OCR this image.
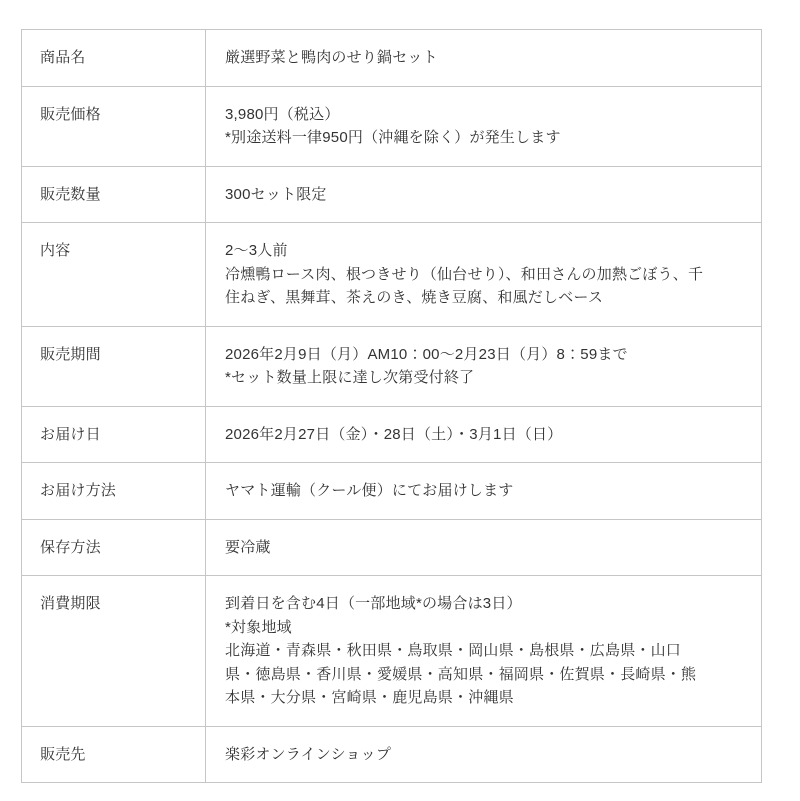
商品名	厳選野菜と鴨肉のせり鍋セット

販売価格	3,980円（税込）
*別途送料一律950円（沖縄を除く）が発生します

販売数量	300セット限定

内容	2〜3人前
冷燻鴨ロース肉、根つきせり（仙台せり）、和田さんの加熱ごぼう、千住ねぎ、黒舞茸、茶えのき、焼き豆腐、和風だしベース

販売期間	2026年2月9日（月）AM10：00〜2月23日（月）8：59まで
*セット数量上限に達し次第受付終了

お届け日	2026年2月27日（金）・28日（土）・3月1日（日）

お届け方法	ヤマト運輸（クール便）にてお届けします

保存方法	要冷蔵

消費期限	到着日を含む4日（一部地域*の場合は3日）
*対象地域
北海道・青森県・秋田県・鳥取県・岡山県・島根県・広島県・山口県・徳島県・香川県・愛媛県・高知県・福岡県・佐賀県・長崎県・熊本県・大分県・宮崎県・鹿児島県・沖縄県

販売先	楽彩オンラインショップ
